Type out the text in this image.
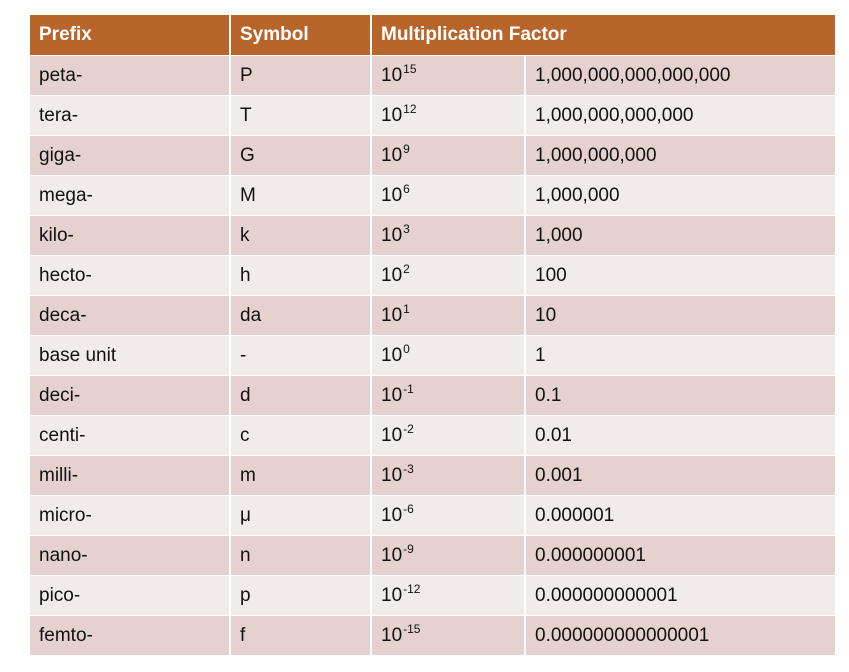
Prefix	Symbol	Multiplication Factor
peta-	P	$10^{15}$	1,000,000,000,000,000
tera-	T	$10^{12}$	1,000,000,000,000
giga-	G	$10^9$	1,000,000,000
mega-	M	$10^6$	1,000,000
kilo-	k	$10^3$	1,000
hecto-	h	$10^2$	100
deca-	da	$10^1$	10
base unit	-	$10^0$	1
deci-	d	$10^{-1}$	0.1
centi-	c	$10^{-2}$	0.01
milli-	m	$10^{-3}$	0.001
micro-	μ	$10^{-6}$	0.000001
nano-	n	$10^{-9}$	0.000000001
pico-	p	$10^{-12}$	0.000000000001
femto-	f	$10^{-15}$	0.000000000000001
